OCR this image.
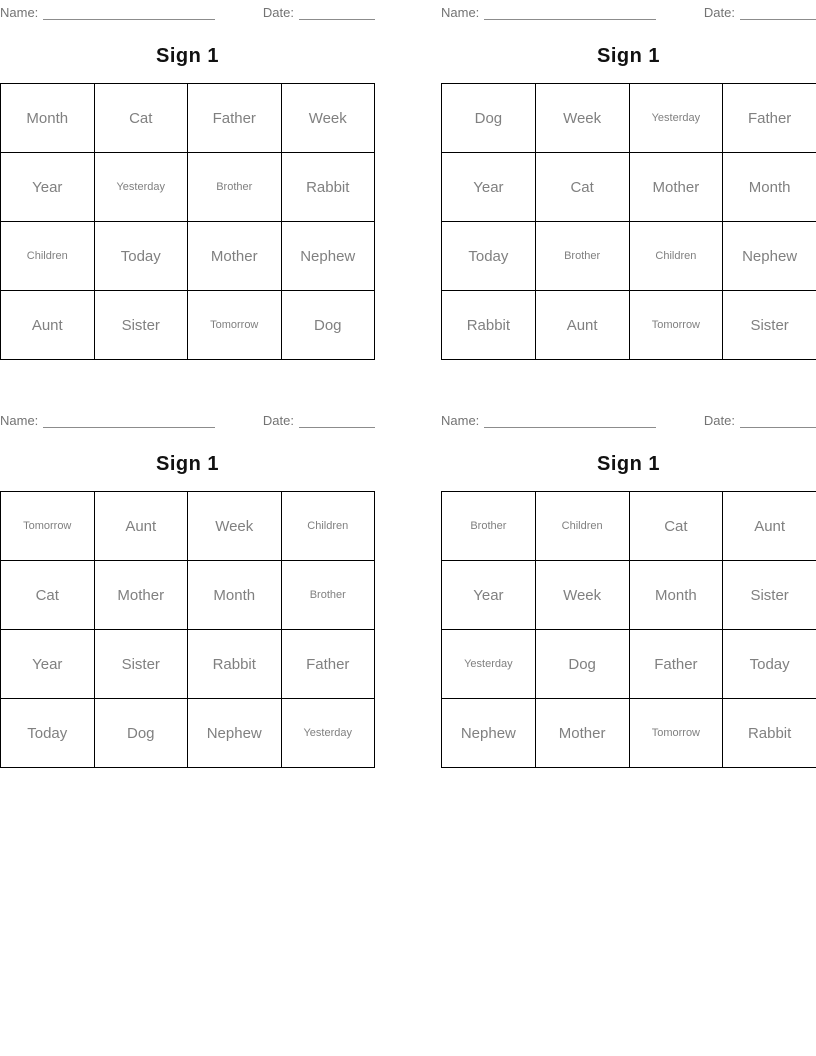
Name:	Date:
Sign 1
Month	Cat	Father	Week
Year	Yesterday	Brother	Rabbit
Children	Today	Mother	Nephew
Aunt	Sister	Tomorrow	Dog
Name:	Date:
Sign 1
Dog	Week	Yesterday	Father
Year	Cat	Mother	Month
Today	Brother	Children	Nephew
Rabbit	Aunt	Tomorrow	Sister
Name:	Date:
Sign 1
Tomorrow	Aunt	Week	Children
Cat	Mother	Month	Brother
Year	Sister	Rabbit	Father
Today	Dog	Nephew	Yesterday
Name:	Date:
Sign 1
Brother	Children	Cat	Aunt
Year	Week	Month	Sister
Yesterday	Dog	Father	Today
Nephew	Mother	Tomorrow	Rabbit
